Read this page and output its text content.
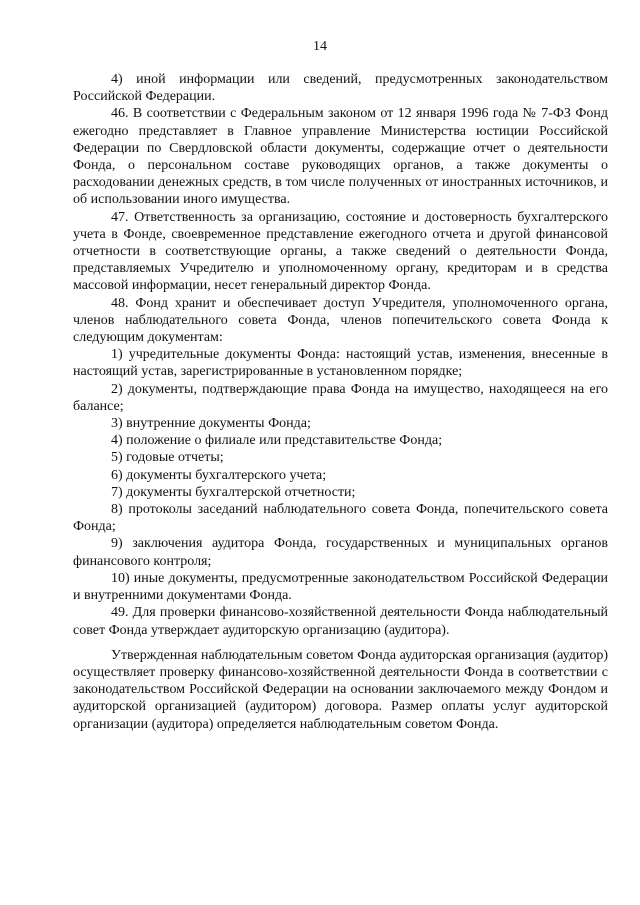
14

4) иной информации или сведений, предусмотренных законодательством Российской Федерации.

46. В соответствии с Федеральным законом от 12 января 1996 года № 7-ФЗ Фонд ежегодно представляет в Главное управление Министерства юстиции Российской Федерации по Свердловской области документы, содержащие отчет о деятельности Фонда, о персональном составе руководящих органов, а также документы о расходовании денежных средств, в том числе полученных от иностранных источников, и об использовании иного имущества.

47. Ответственность за организацию, состояние и достоверность бухгалтерского учета в Фонде, своевременное представление ежегодного отчета и другой финансовой отчетности в соответствующие органы, а также сведений о деятельности Фонда, представляемых Учредителю и уполномоченному органу, кредиторам и в средства массовой информации, несет генеральный директор Фонда.

48. Фонд хранит и обеспечивает доступ Учредителя, уполномоченного органа, членов наблюдательного совета Фонда, членов попечительского совета Фонда к следующим документам:

1) учредительные документы Фонда: настоящий устав, изменения, внесенные в настоящий устав, зарегистрированные в установленном порядке;

2) документы, подтверждающие права Фонда на имущество, находящееся на его балансе;

3) внутренние документы Фонда;

4) положение о филиале или представительстве Фонда;

5) годовые отчеты;

6) документы бухгалтерского учета;

7) документы бухгалтерской отчетности;

8) протоколы заседаний наблюдательного совета Фонда, попечительского совета Фонда;

9) заключения аудитора Фонда, государственных и муниципальных органов финансового контроля;

10) иные документы, предусмотренные законодательством Российской Федерации и внутренними документами Фонда.

49. Для проверки финансово-хозяйственной деятельности Фонда наблюдательный совет Фонда утверждает аудиторскую организацию (аудитора).

Утвержденная наблюдательным советом Фонда аудиторская организация (аудитор) осуществляет проверку финансово-хозяйственной деятельности Фонда в соответствии с законодательством Российской Федерации на основании заключаемого между Фондом и аудиторской организацией (аудитором) договора. Размер оплаты услуг аудиторской организации (аудитора) определяется наблюдательным советом Фонда.
